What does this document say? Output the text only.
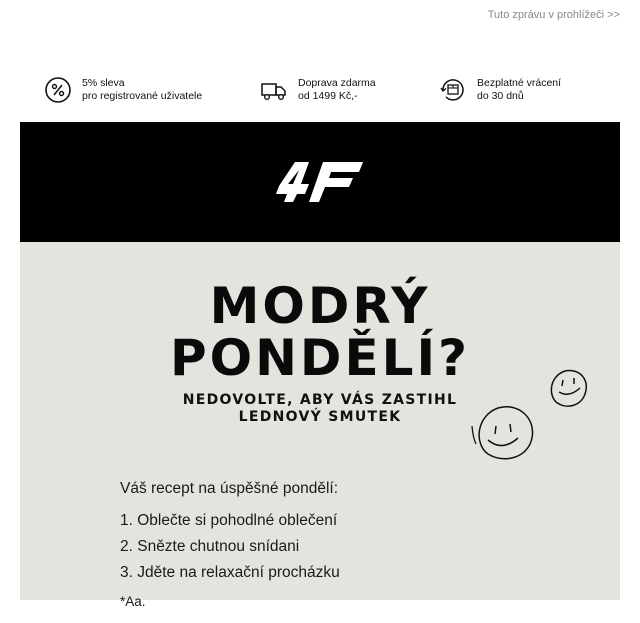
Tuto zprávu v prohlížeči >>
5% sleva
pro registrované uživatele
Doprava zdarma
od 1499 Kč,-
Bezplatné vrácení
do 30 dnů
MODRÝ
PONDĚLÍ?
NEDOVOLTE, ABY VÁS ZASTIHL
LEDNOVÝ SMUTEK

Váš recept na úspěšné pondělí:

1. Oblečte si pohodlné oblečení
2. Snězte chutnou snídani
3. Jděte na relaxační procházku

*Aa.
